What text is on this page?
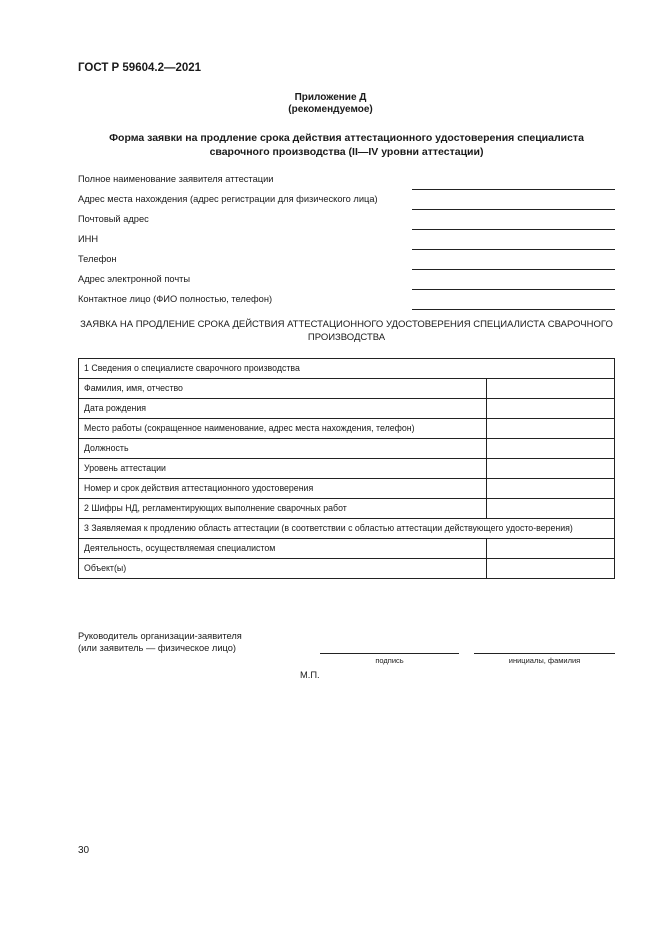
ГОСТ Р 59604.2—2021
Приложение Д
(рекомендуемое)
Форма заявки на продление срока действия аттестационного удостоверения специалиста сварочного производства (II—IV уровни аттестации)
Полное наименование заявителя аттестации
Адрес места нахождения (адрес регистрации для физического лица)
Почтовый адрес
ИНН
Телефон
Адрес электронной почты
Контактное лицо (ФИО полностью, телефон)
ЗАЯВКА НА ПРОДЛЕНИЕ СРОКА ДЕЙСТВИЯ АТТЕСТАЦИОННОГО УДОСТОВЕРЕНИЯ СПЕЦИАЛИСТА СВАРОЧНОГО ПРОИЗВОДСТВА
1 Сведения о специалисте сварочного производства	
Фамилия, имя, отчество	
Дата рождения	
Место работы (сокращенное наименование, адрес места нахождения, телефон)	
Должность	
Уровень аттестации	
Номер и срок действия аттестационного удостоверения	
2 Шифры НД, регламентирующих выполнение сварочных работ	
3 Заявляемая к продлению область аттестации (в соответствии с областью аттестации действующего удосто-верения)	
Деятельность, осуществляемая специалистом	
Объект(ы)	
Руководитель организации-заявителя
(или заявитель — физическое лицо)
подпись	инициалы, фамилия
М.П.
30
